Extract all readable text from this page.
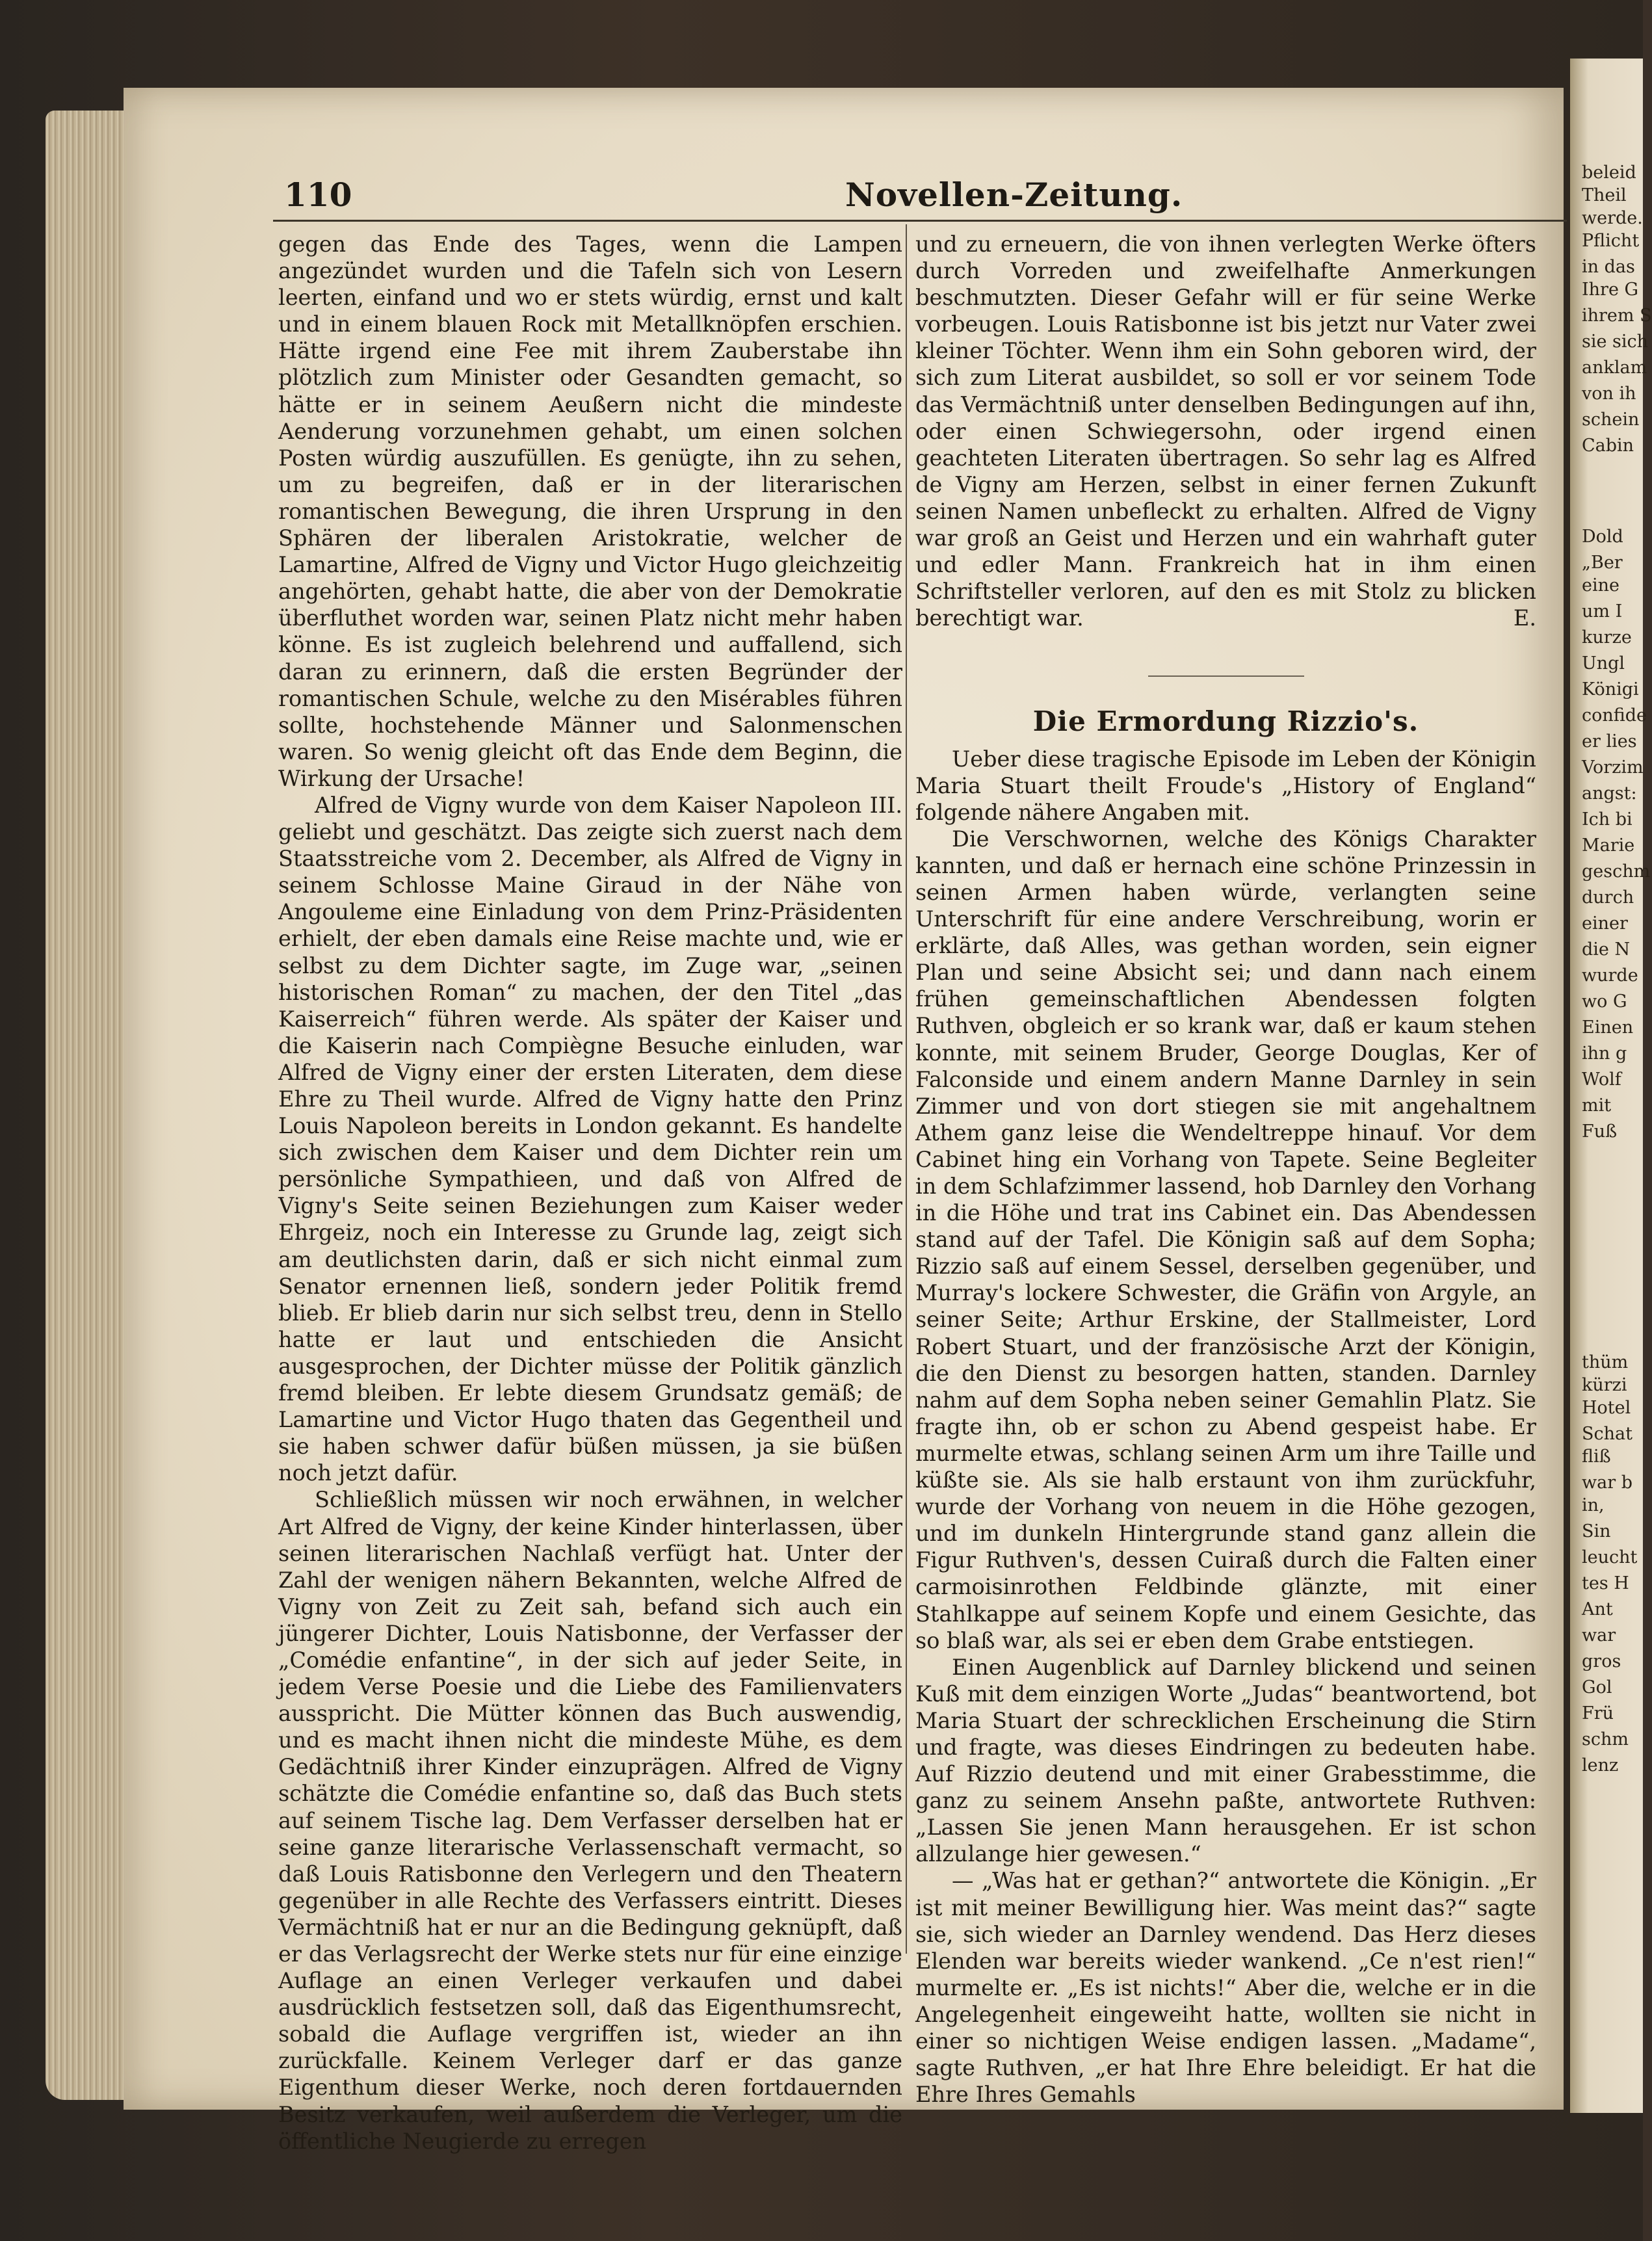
beleid
Theil
werde.
Pflicht
in das
Ihre G
ihrem S
sie sich
anklam
von ih
schein
Cabin
Dold
„Ber
eine
um I
kurze
Ungl
Königi
confide
er lies
Vorzim
angst:
Ich bi
Marie
geschm
durch
einer
die N
wurde
wo G
Einen
ihn g
Wolf
mit
Fuß
thüm
kürzi
Hotel
Schat
fliß
war b
in,
Sin
leucht
tes H
Ant
war
gros
Gol
Frü
schm
lenz
110	Novellen-Zeitung.

gegen das Ende des Tages, wenn die Lampen angezündet wurden und die Tafeln sich von Lesern leerten, einfand und wo er stets würdig, ernst und kalt und in einem blauen Rock mit Metallknöpfen erschien. Hätte irgend eine Fee mit ihrem Zauberstabe ihn plötzlich zum Minister oder Gesandten gemacht, so hätte er in seinem Aeußern nicht die mindeste Aenderung vorzunehmen gehabt, um einen solchen Posten würdig auszufüllen. Es genügte, ihn zu sehen, um zu begreifen, daß er in der literarischen romantischen Bewegung, die ihren Ursprung in den Sphären der liberalen Aristokratie, welcher de Lamartine, Alfred de Vigny und Victor Hugo gleichzeitig angehörten, gehabt hatte, die aber von der Demokratie überfluthet worden war, seinen Platz nicht mehr haben könne. Es ist zugleich belehrend und auffallend, sich daran zu erinnern, daß die ersten Begründer der romantischen Schule, welche zu den Misérables führen sollte, hochstehende Männer und Salonmenschen waren. So wenig gleicht oft das Ende dem Beginn, die Wirkung der Ursache!

Alfred de Vigny wurde von dem Kaiser Napoleon III. geliebt und geschätzt. Das zeigte sich zuerst nach dem Staatsstreiche vom 2. December, als Alfred de Vigny in seinem Schlosse Maine Giraud in der Nähe von Angouleme eine Einladung von dem Prinz-Präsidenten erhielt, der eben damals eine Reise machte und, wie er selbst zu dem Dichter sagte, im Zuge war, „seinen historischen Roman“ zu machen, der den Titel „das Kaiserreich“ führen werde. Als später der Kaiser und die Kaiserin nach Compiègne Besuche einluden, war Alfred de Vigny einer der ersten Literaten, dem diese Ehre zu Theil wurde. Alfred de Vigny hatte den Prinz Louis Napoleon bereits in London gekannt. Es handelte sich zwischen dem Kaiser und dem Dichter rein um persönliche Sympathieen, und daß von Alfred de Vigny's Seite seinen Beziehungen zum Kaiser weder Ehrgeiz, noch ein Interesse zu Grunde lag, zeigt sich am deutlichsten darin, daß er sich nicht einmal zum Senator ernennen ließ, sondern jeder Politik fremd blieb. Er blieb darin nur sich selbst treu, denn in Stello hatte er laut und entschieden die Ansicht ausgesprochen, der Dichter müsse der Politik gänzlich fremd bleiben. Er lebte diesem Grundsatz gemäß; de Lamartine und Victor Hugo thaten das Gegentheil und sie haben schwer dafür büßen müssen, ja sie büßen noch jetzt dafür.

Schließlich müssen wir noch erwähnen, in welcher Art Alfred de Vigny, der keine Kinder hinterlassen, über seinen literarischen Nachlaß verfügt hat. Unter der Zahl der wenigen nähern Bekannten, welche Alfred de Vigny von Zeit zu Zeit sah, befand sich auch ein jüngerer Dichter, Louis Natisbonne, der Verfasser der „Comédie enfantine“, in der sich auf jeder Seite, in jedem Verse Poesie und die Liebe des Familienvaters ausspricht. Die Mütter können das Buch auswendig, und es macht ihnen nicht die mindeste Mühe, es dem Gedächtniß ihrer Kinder einzuprägen. Alfred de Vigny schätzte die Comédie enfantine so, daß das Buch stets auf seinem Tische lag. Dem Verfasser derselben hat er seine ganze literarische Verlassenschaft vermacht, so daß Louis Ratisbonne den Verlegern und den Theatern gegenüber in alle Rechte des Verfassers eintritt. Dieses Vermächtniß hat er nur an die Bedingung geknüpft, daß er das Verlagsrecht der Werke stets nur für eine einzige Auflage an einen Verleger verkaufen und dabei ausdrücklich festsetzen soll, daß das Eigenthumsrecht, sobald die Auflage vergriffen ist, wieder an ihn zurückfalle. Keinem Verleger darf er das ganze Eigenthum dieser Werke, noch deren fortdauernden Besitz verkaufen, weil außerdem die Verleger, um die öffentliche Neugierde zu erregen

und zu erneuern, die von ihnen verlegten Werke öfters durch Vorreden und zweifelhafte Anmerkungen beschmutzten. Dieser Gefahr will er für seine Werke vorbeugen. Louis Ratisbonne ist bis jetzt nur Vater zwei kleiner Töchter. Wenn ihm ein Sohn geboren wird, der sich zum Literat ausbildet, so soll er vor seinem Tode das Vermächtniß unter denselben Bedingungen auf ihn, oder einen Schwiegersohn, oder irgend einen geachteten Literaten übertragen. So sehr lag es Alfred de Vigny am Herzen, selbst in einer fernen Zukunft seinen Namen unbefleckt zu erhalten. Alfred de Vigny war groß an Geist und Herzen und ein wahrhaft guter und edler Mann. Frankreich hat in ihm einen Schriftsteller verloren, auf den es mit Stolz zu blicken berechtigt war.	E.

Die Ermordung Rizzio's.

Ueber diese tragische Episode im Leben der Königin Maria Stuart theilt Froude's „History of England“ folgende nähere Angaben mit.

Die Verschwornen, welche des Königs Charakter kannten, und daß er hernach eine schöne Prinzessin in seinen Armen haben würde, verlangten seine Unterschrift für eine andere Verschreibung, worin er erklärte, daß Alles, was gethan worden, sein eigner Plan und seine Absicht sei; und dann nach einem frühen gemeinschaftlichen Abendessen folgten Ruthven, obgleich er so krank war, daß er kaum stehen konnte, mit seinem Bruder, George Douglas, Ker of Falconside und einem andern Manne Darnley in sein Zimmer und von dort stiegen sie mit angehaltnem Athem ganz leise die Wendeltreppe hinauf. Vor dem Cabinet hing ein Vorhang von Tapete. Seine Begleiter in dem Schlafzimmer lassend, hob Darnley den Vorhang in die Höhe und trat ins Cabinet ein. Das Abendessen stand auf der Tafel. Die Königin saß auf dem Sopha; Rizzio saß auf einem Sessel, derselben gegenüber, und Murray's lockere Schwester, die Gräfin von Argyle, an seiner Seite; Arthur Erskine, der Stallmeister, Lord Robert Stuart, und der französische Arzt der Königin, die den Dienst zu besorgen hatten, standen. Darnley nahm auf dem Sopha neben seiner Gemahlin Platz. Sie fragte ihn, ob er schon zu Abend gespeist habe. Er murmelte etwas, schlang seinen Arm um ihre Taille und küßte sie. Als sie halb erstaunt von ihm zurückfuhr, wurde der Vorhang von neuem in die Höhe gezogen, und im dunkeln Hintergrunde stand ganz allein die Figur Ruthven's, dessen Cuiraß durch die Falten einer carmoisinrothen Feldbinde glänzte, mit einer Stahlkappe auf seinem Kopfe und einem Gesichte, das so blaß war, als sei er eben dem Grabe entstiegen.

Einen Augenblick auf Darnley blickend und seinen Kuß mit dem einzigen Worte „Judas“ beantwortend, bot Maria Stuart der schrecklichen Erscheinung die Stirn und fragte, was dieses Eindringen zu bedeuten habe. Auf Rizzio deutend und mit einer Grabesstimme, die ganz zu seinem Ansehn paßte, antwortete Ruthven: „Lassen Sie jenen Mann herausgehen. Er ist schon allzulange hier gewesen.“

— „Was hat er gethan?“ antwortete die Königin. „Er ist mit meiner Bewilligung hier. Was meint das?“ sagte sie, sich wieder an Darnley wendend. Das Herz dieses Elenden war bereits wieder wankend. „Ce n'est rien!“ murmelte er. „Es ist nichts!“ Aber die, welche er in die Angelegenheit eingeweiht hatte, wollten sie nicht in einer so nichtigen Weise endigen lassen. „Madame“, sagte Ruthven, „er hat Ihre Ehre beleidigt. Er hat die Ehre Ihres Gemahls
